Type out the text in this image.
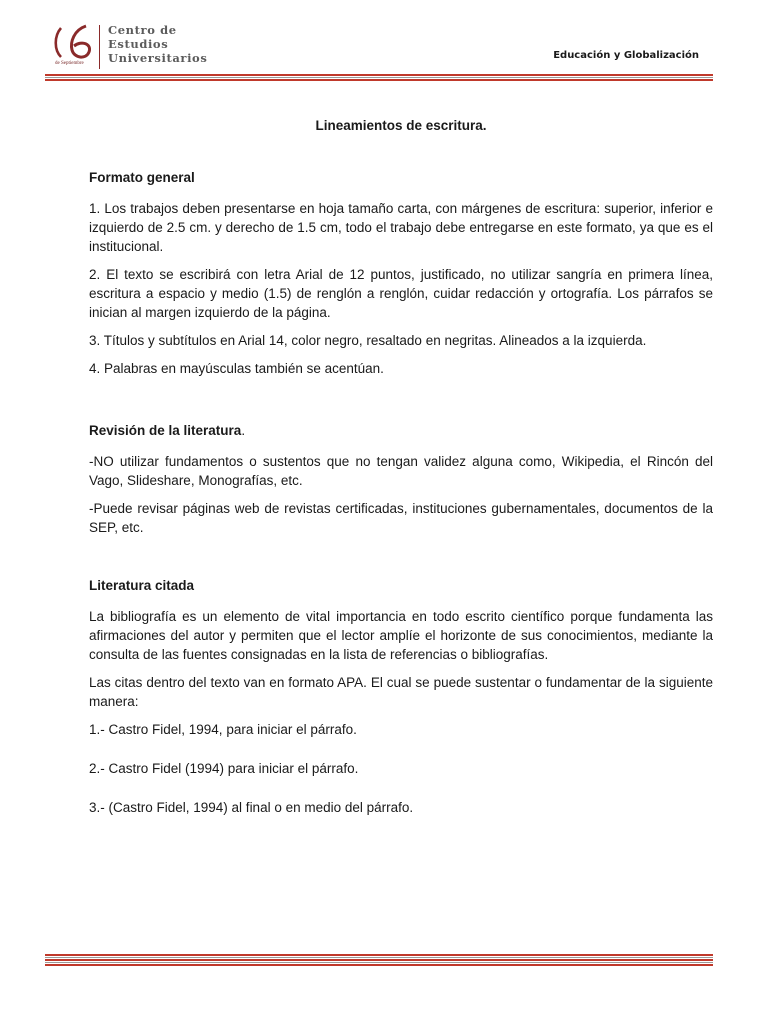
de Septiembre
Centro de
Estudios
Universitarios	Educación y Globalización
Lineamientos de escritura.
Formato general

1. Los trabajos deben presentarse en hoja tamaño carta, con márgenes de escritura: superior, inferior e izquierdo de 2.5 cm. y derecho de 1.5 cm, todo el trabajo debe entregarse en este formato, ya que es el institucional.

2. El texto se escribirá con letra Arial de 12 puntos, justificado, no utilizar sangría en primera línea, escritura a espacio y medio (1.5) de renglón a renglón, cuidar redacción y ortografía. Los párrafos se inician al margen izquierdo de la página.

3. Títulos y subtítulos en Arial 14, color negro, resaltado en negritas. Alineados a la izquierda.

4. Palabras en mayúsculas también se acentúan.

Revisión de la literatura.

-NO utilizar fundamentos o sustentos que no tengan validez alguna como, Wikipedia, el Rincón del Vago, Slideshare, Monografías, etc.

-Puede revisar páginas web de revistas certificadas, instituciones gubernamentales, documentos de la SEP, etc.

Literatura citada

La bibliografía es un elemento de vital importancia en todo escrito científico porque fundamenta las afirmaciones del autor y permiten que el lector amplíe el horizonte de sus conocimientos, mediante la consulta de las fuentes consignadas en la lista de referencias o bibliografías.

Las citas dentro del texto van en formato APA. El cual se puede sustentar o fundamentar de la siguiente manera:

1.- Castro Fidel, 1994, para iniciar el párrafo.

2.- Castro Fidel (1994) para iniciar el párrafo.

3.- (Castro Fidel, 1994) al final o en medio del párrafo.
